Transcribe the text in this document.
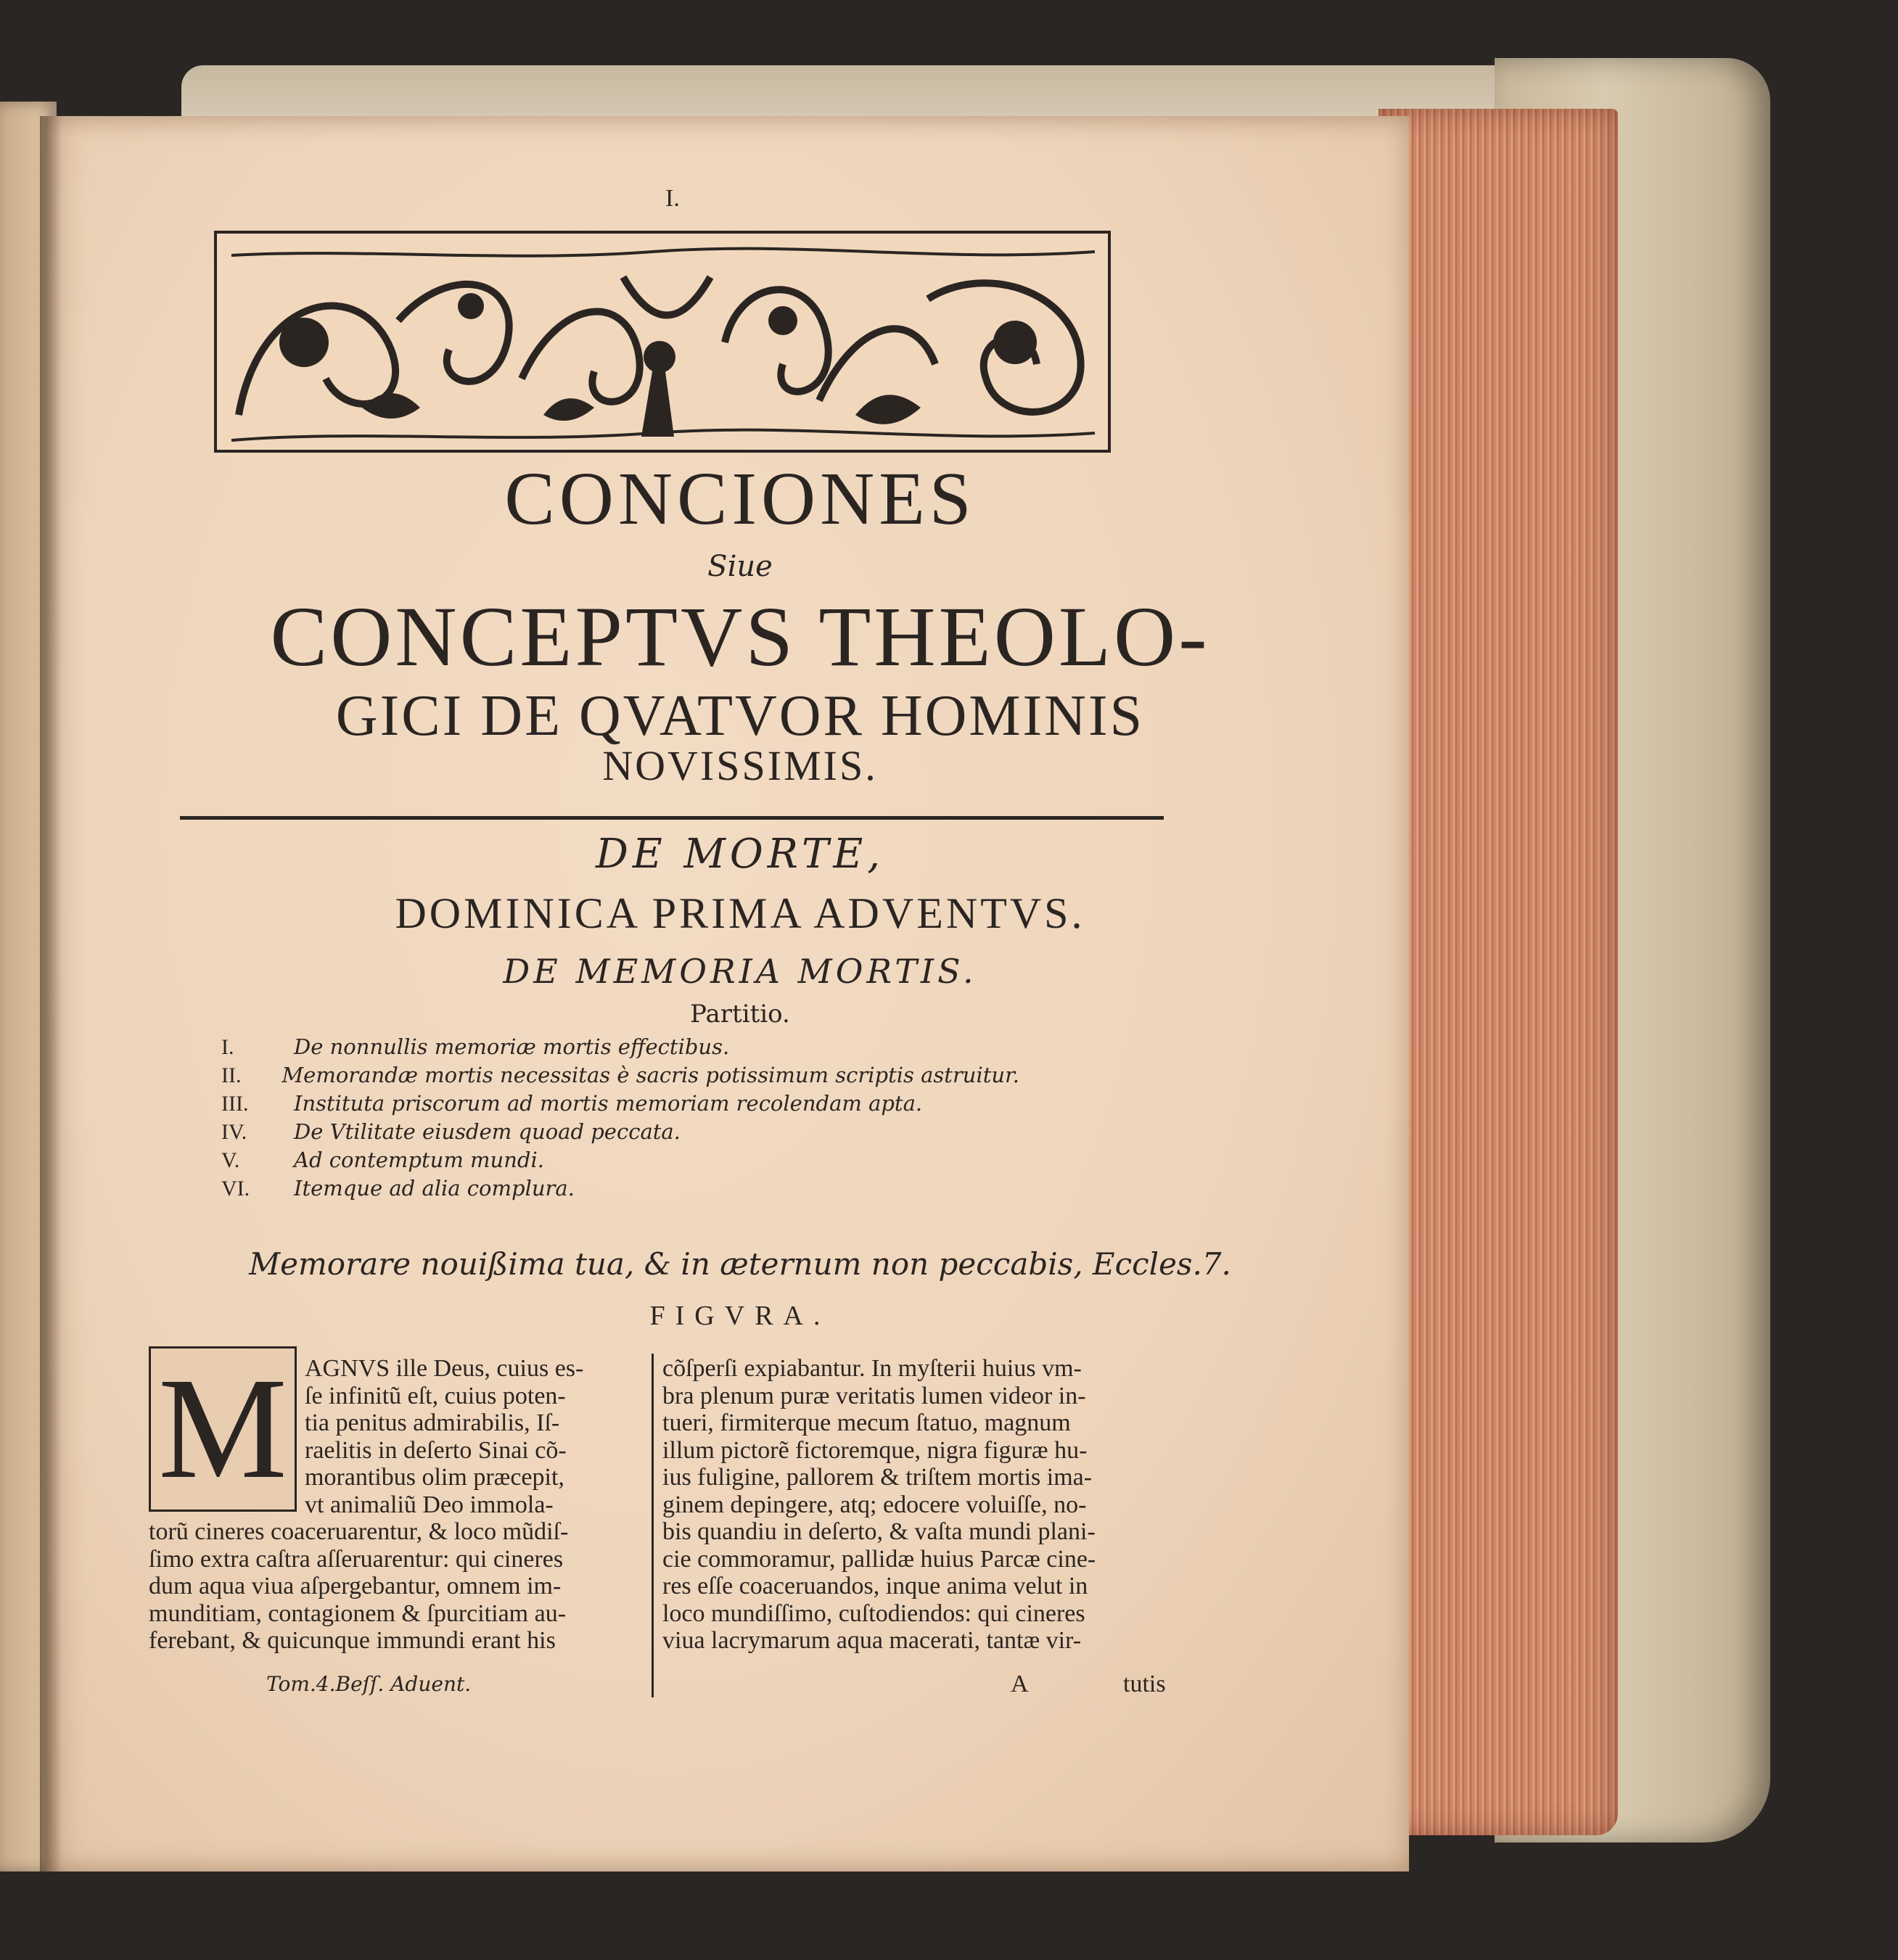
I.
CONCIONES
Siue
CONCEPTVS THEOLO-
GICI DE QVATVOR HOMINIS
NOVISSIMIS.
DE MORTE,
DOMINICA PRIMA ADVENTVS.
DE MEMORIA MORTIS.
Partitio.
I.	De nonnullis memoriæ mortis effectibus.
II.	Memorandæ mortis necessitas è sacris potissimum scriptis astruitur.
III.	Instituta priscorum ad mortis memoriam recolendam apta.
IV.	De Vtilitate eiusdem quoad peccata.
V.	Ad contemptum mundi.
VI.	Itemque ad alia complura.
Memorare nouißima tua, & in æternum non peccabis, Eccles.7.
FIGVRA.
M AGNVS ille Deus, cuius es-
ſe infinitũ eſt, cuius poten-
tia penitus admirabilis, Iſ-
raelitis in deſerto Sinai cõ-
morantibus olim præcepit,
vt animaliũ Deo immola-
torũ cineres coaceruarentur, & loco mũdiſ-
ſimo extra caſtra aſſeruarentur: qui cineres
dum aqua viua aſpergebantur, omnem im-
munditiam, contagionem & ſpurcitiam au-
ferebant, & quicunque immundi erant his
cõſperſi expiabantur. In myſterii huius vm-
bra plenum puræ veritatis lumen videor in-
tueri, firmiterque mecum ſtatuo, magnum
illum pictorẽ fictoremque, nigra figuræ hu-
ius fuligine, pallorem & triſtem mortis ima-
ginem depingere, atq; edocere voluiſſe, no-
bis quandiu in deſerto, & vaſta mundi plani-
cie commoramur, pallidæ huius Parcæ cine-
res eſſe coaceruandos, inque anima velut in
loco mundiſſimo, cuſtodiendos: qui cineres
viua lacrymarum aqua macerati, tantæ vir-
Tom.4.Beſſ. Aduent.	A	tutis
